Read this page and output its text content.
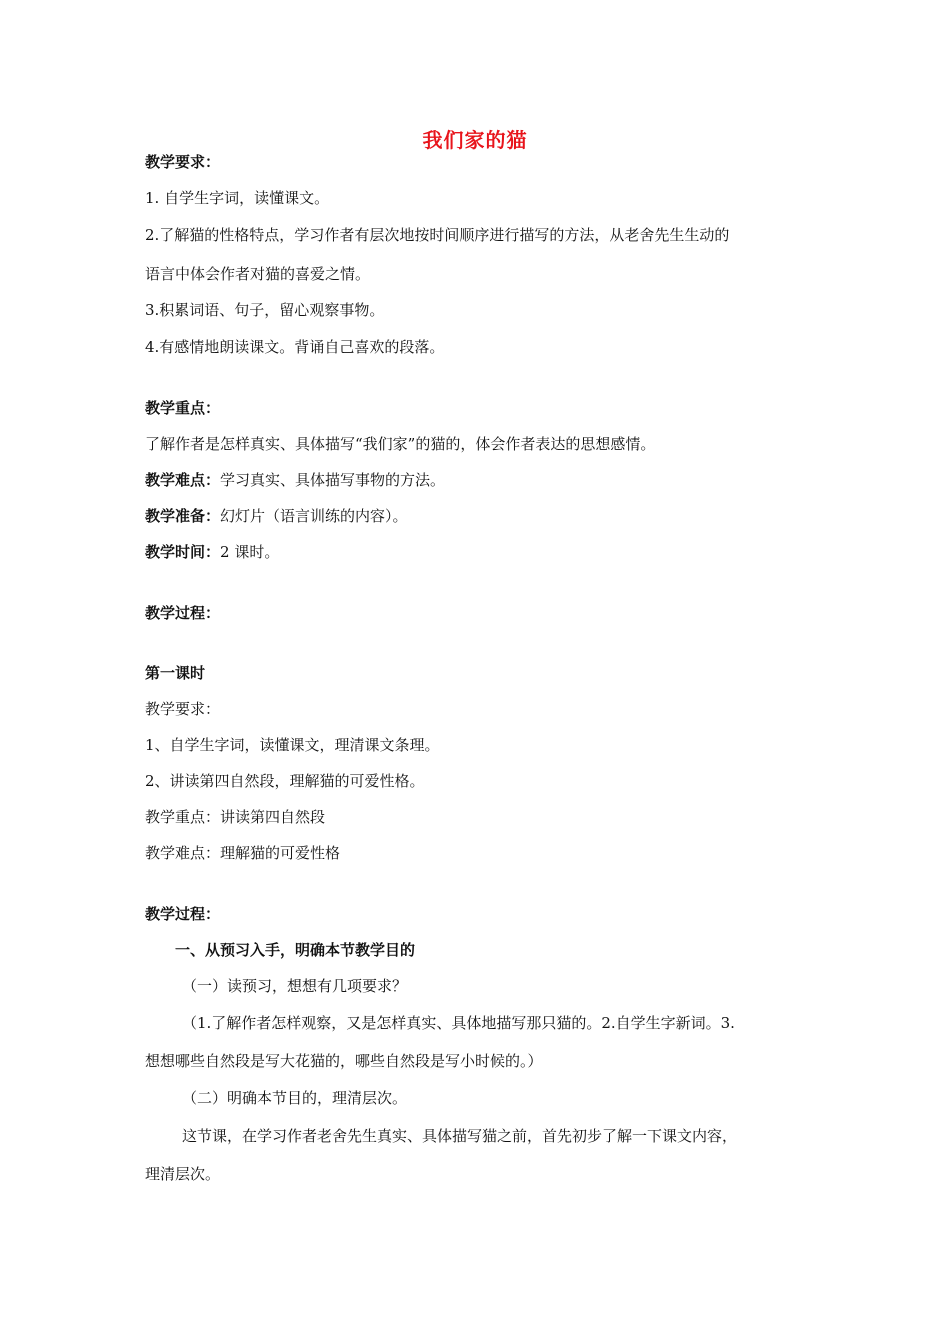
我们家的猫
教学要求：
1. 自学生字词，读懂课文。
2.了解猫的性格特点，学习作者有层次地按时间顺序进行描写的方法，从老舍先生生动的
语言中体会作者对猫的喜爱之情。
3.积累词语、句子，留心观察事物。
4.有感情地朗读课文。背诵自己喜欢的段落。
教学重点：
了解作者是怎样真实、具体描写“我们家”的猫的，体会作者表达的思想感情。
教学难点：学习真实、具体描写事物的方法。
教学准备：幻灯片（语言训练的内容）。
教学时间：2 课时。
教学过程：
第一课时
教学要求：
1、自学生字词，读懂课文，理清课文条理。
2、讲读第四自然段，理解猫的可爱性格。
教学重点：讲读第四自然段
教学难点：理解猫的可爱性格
教学过程：
一、从预习入手，明确本节教学目的
（一）读预习，想想有几项要求？
（1.了解作者怎样观察，又是怎样真实、具体地描写那只猫的。2.自学生字新词。3.
想想哪些自然段是写大花猫的，哪些自然段是写小时候的。）
（二）明确本节目的，理清层次。
这节课，在学习作者老舍先生真实、具体描写猫之前，首先初步了解一下课文内容，
理清层次。
